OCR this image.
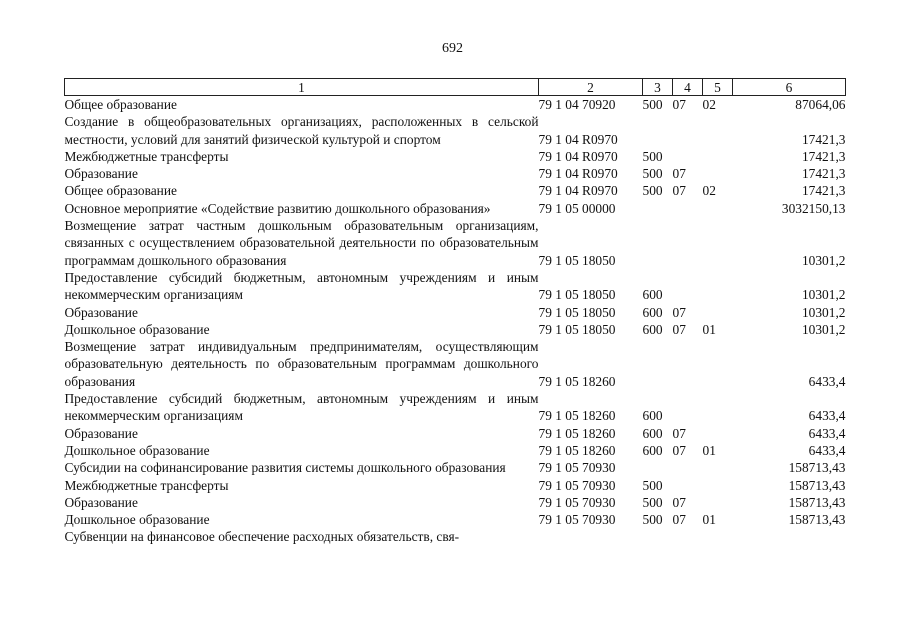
692
1	2	3	4	5	6
Общее образование	79 1 04 70920	500	07	02	87064,06
Создание в общеобразовательных организациях, расположенных в сельской местности, условий для занятий физической культурой и спортом	79 1 04 R0970				17421,3
Межбюджетные трансферты	79 1 04 R0970	500			17421,3
Образование	79 1 04 R0970	500	07		17421,3
Общее образование	79 1 04 R0970	500	07	02	17421,3
Основное мероприятие «Содействие развитию дошкольного образования»	79 1 05 00000				3032150,13
Возмещение затрат частным дошкольным образовательным организациям, связанных с осуществлением образовательной деятельности по образовательным программам дошкольного образования	79 1 05 18050				10301,2
Предоставление субсидий бюджетным, автономным учреждениям и иным некоммерческим организациям	79 1 05 18050	600			10301,2
Образование	79 1 05 18050	600	07		10301,2
Дошкольное образование	79 1 05 18050	600	07	01	10301,2
Возмещение затрат индивидуальным предпринимателям, осуществляющим образовательную деятельность по образовательным программам дошкольного образования	79 1 05 18260				6433,4
Предоставление субсидий бюджетным, автономным учреждениям и иным некоммерческим организациям	79 1 05 18260	600			6433,4
Образование	79 1 05 18260	600	07		6433,4
Дошкольное образование	79 1 05 18260	600	07	01	6433,4
Субсидии на софинансирование развития системы дошкольного образования	79 1 05 70930				158713,43
Межбюджетные трансферты	79 1 05 70930	500			158713,43
Образование	79 1 05 70930	500	07		158713,43
Дошкольное образование	79 1 05 70930	500	07	01	158713,43
Субвенции на финансовое обеспечение расходных обязательств, свя-					
